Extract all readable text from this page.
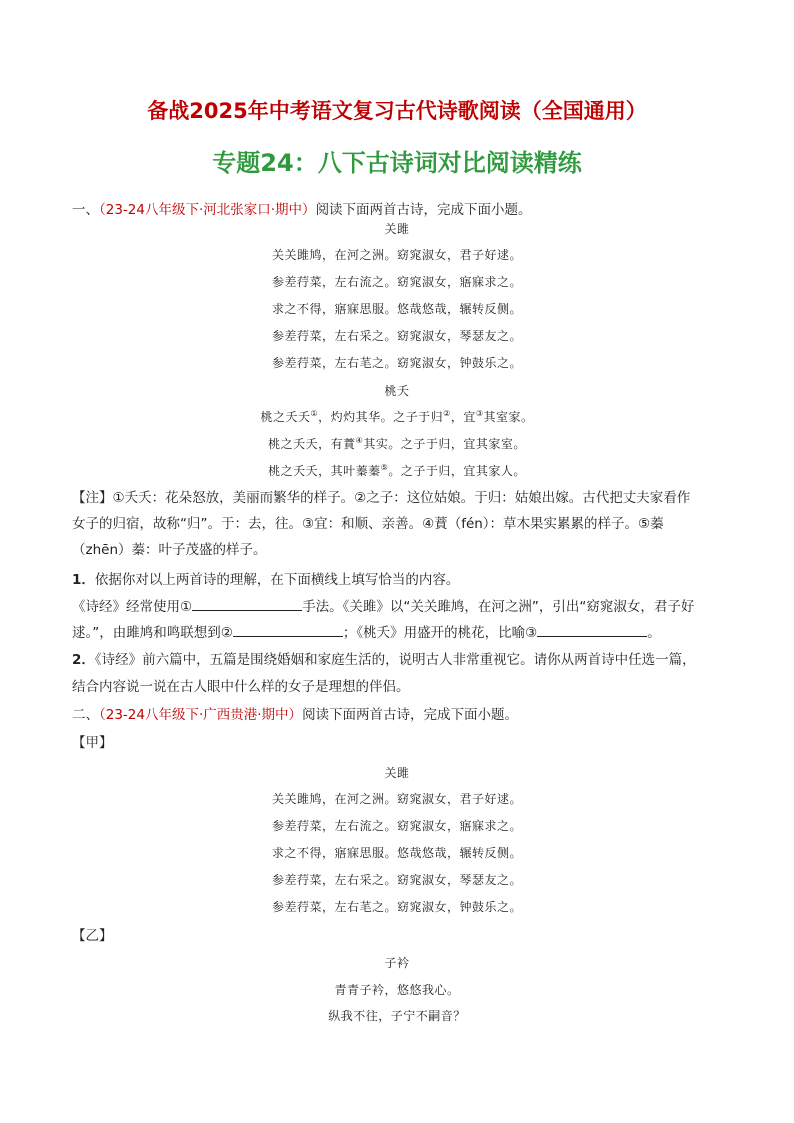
备战2025年中考语文复习古代诗歌阅读（全国通用）
专题24：八下古诗词对比阅读精练
一、（23-24八年级下·河北张家口·期中）阅读下面两首古诗，完成下面小题。
关雎
关关雎鸠，在河之洲。窈窕淑女，君子好逑。
参差荇菜，左右流之。窈窕淑女，寤寐求之。
求之不得，寤寐思服。悠哉悠哉，辗转反侧。
参差荇菜，左右采之。窈窕淑女，琴瑟友之。
参差荇菜，左右芼之。窈窕淑女，钟鼓乐之。
桃夭
桃之夭夭①，灼灼其华。之子于归②，宜③其室家。
桃之夭夭，有蕡④其实。之子于归，宜其家室。
桃之夭夭，其叶蓁蓁⑤。之子于归，宜其家人。
【注】①夭夭：花朵怒放，美丽而繁华的样子。②之子：这位姑娘。于归：姑娘出嫁。古代把丈夫家看作
女子的归宿，故称“归”。于：去，往。③宜：和顺、亲善。④蕡（fén）：草木果实累累的样子。⑤蓁
（zhēn）蓁：叶子茂盛的样子。
1．依据你对以上两首诗的理解，在下面横线上填写恰当的内容。
《诗经》经常使用①	手法。《关雎》以“关关雎鸠，在河之洲”，引出“窈窕淑女，君子好
逑。”，由雎鸠和鸣联想到②	；《桃夭》用盛开的桃花，比喻③	。
2．《诗经》前六篇中，五篇是围绕婚姻和家庭生活的，说明古人非常重视它。请你从两首诗中任选一篇，
结合内容说一说在古人眼中什么样的女子是理想的伴侣。
二、（23-24八年级下·广西贵港·期中）阅读下面两首古诗，完成下面小题。
【甲】
关雎
关关雎鸠，在河之洲。窈窕淑女，君子好逑。
参差荇菜，左右流之。窈窕淑女，寤寐求之。
求之不得，寤寐思服。悠哉悠哉，辗转反侧。
参差荇菜，左右采之。窈窕淑女，琴瑟友之。
参差荇菜，左右芼之。窈窕淑女，钟鼓乐之。
【乙】
子衿
青青子衿，悠悠我心。
纵我不往，子宁不嗣音？
